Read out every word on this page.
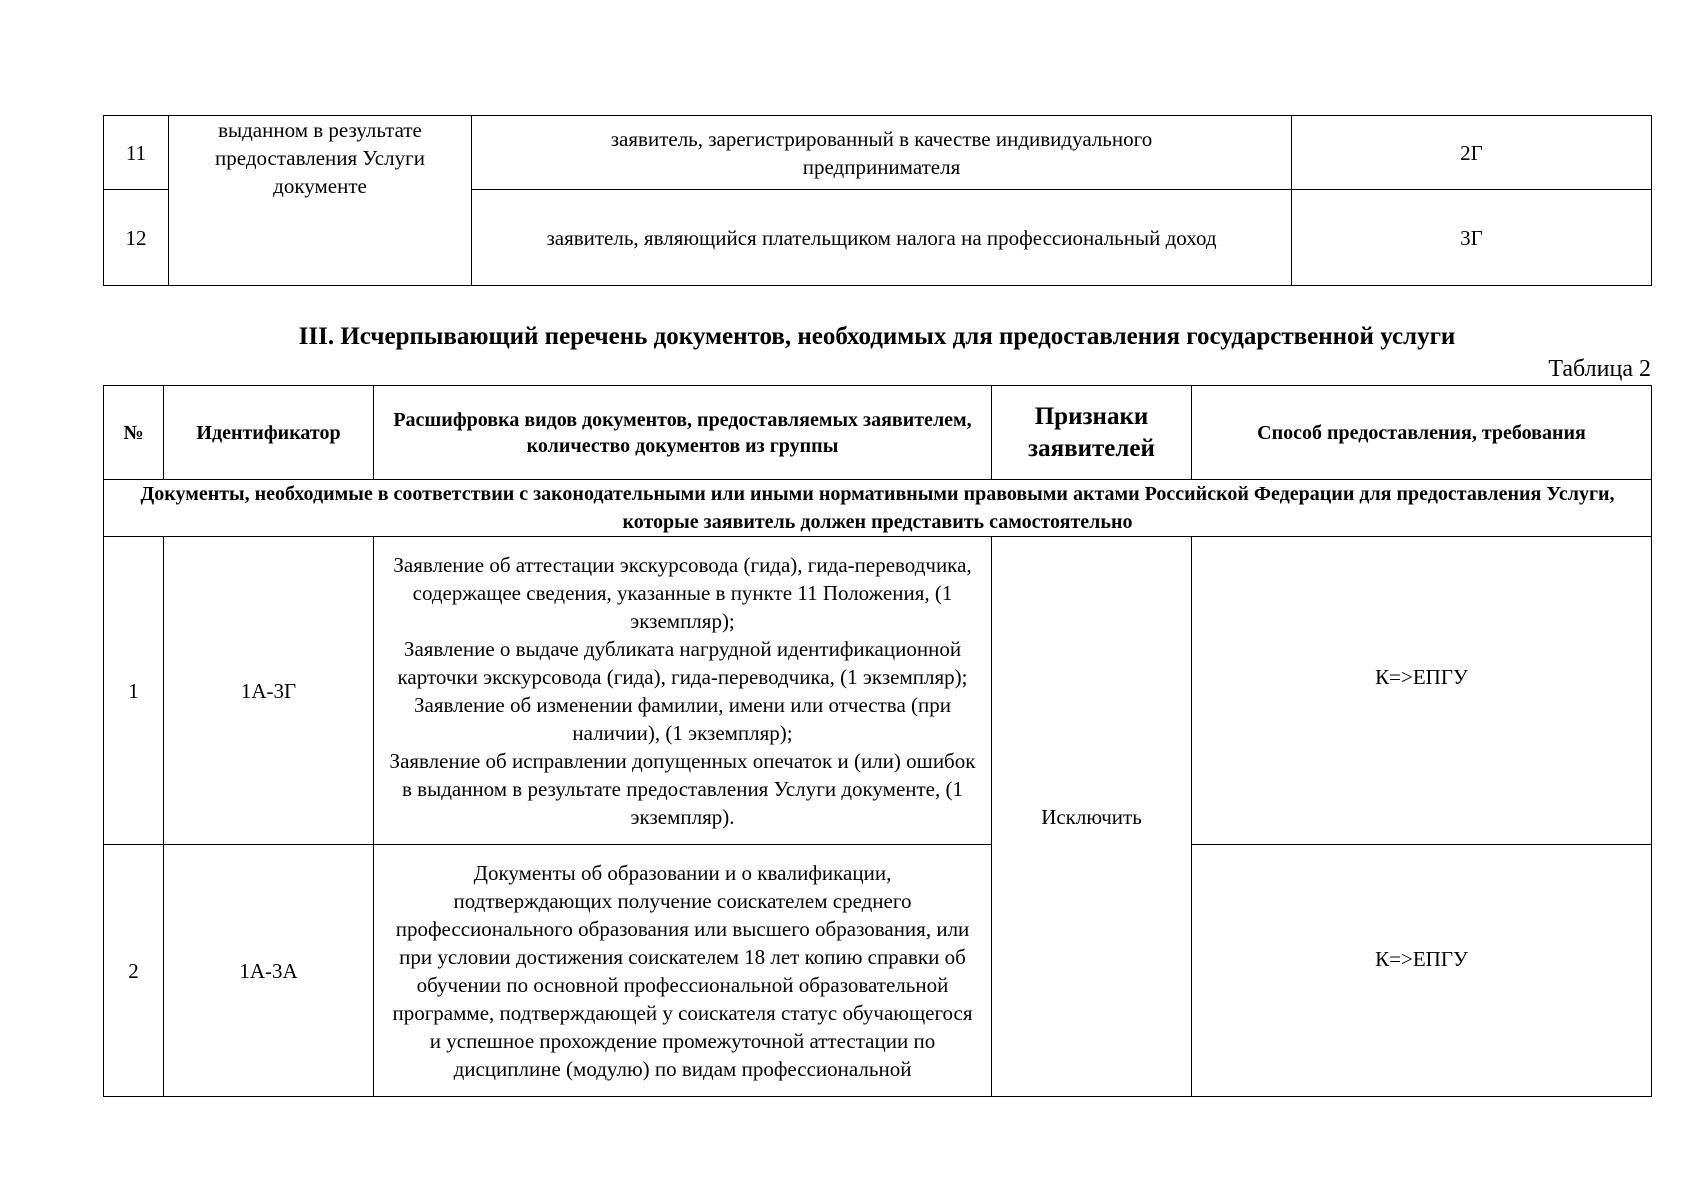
11	выданном в результате предоставления Услуги документе	заявитель, зарегистрированный в качестве индивидуального предпринимателя	2Г
12		заявитель, являющийся плательщиком налога на профессиональный доход	3Г
III. Исчерпывающий перечень документов, необходимых для предоставления государственной услуги
Таблица 2
№	Идентификатор	Расшифровка видов документов, предоставляемых заявителем, количество документов из группы	Признаки заявителей	Способ предоставления, требования
Документы, необходимые в соответствии с законодательными или иными нормативными правовыми актами Российской Федерации для предоставления Услуги, которые заявитель должен представить самостоятельно				
1	1А-3Г	Заявление об аттестации экскурсовода (гида), гида-переводчика, содержащее сведения, указанные в пункте 11 Положения, (1 экземпляр);
Заявление о выдаче дубликата нагрудной идентификационной карточки экскурсовода (гида), гида-переводчика, (1 экземпляр);
Заявление об изменении фамилии, имени или отчества (при наличии), (1 экземпляр);
Заявление об исправлении допущенных опечаток и (или) ошибок в выданном в результате предоставления Услуги документе, (1 экземпляр).	Исключить	К=>ЕПГУ

2	1А-3А	Документы об образовании и о квалификации, подтверждающих получение соискателем среднего профессионального образования или высшего образования, или при условии достижения соискателем 18 лет копию справки об обучении по основной профессиональной образовательной программе, подтверждающей у соискателя статус обучающегося и успешное прохождение промежуточной аттестации по дисциплине (модулю) по видам профессиональной		К=>ЕПГУ
